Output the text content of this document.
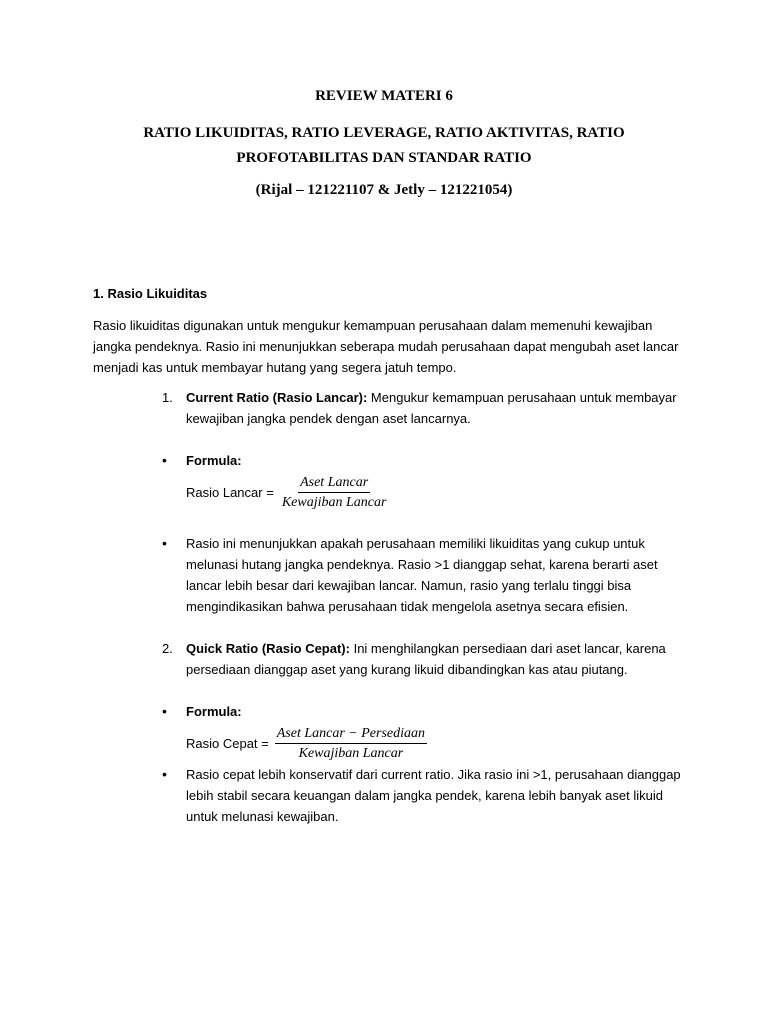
REVIEW MATERI 6
RATIO LIKUIDITAS, RATIO LEVERAGE, RATIO AKTIVITAS, RATIO
PROFOTABILITAS DAN STANDAR RATIO
(Rijal – 121221107 & Jetly – 121221054)
1. Rasio Likuiditas
Rasio likuiditas digunakan untuk mengukur kemampuan perusahaan dalam memenuhi kewajiban jangka pendeknya. Rasio ini menunjukkan seberapa mudah perusahaan dapat mengubah aset lancar menjadi kas untuk membayar hutang yang segera jatuh tempo.
1. Current Ratio (Rasio Lancar): Mengukur kemampuan perusahaan untuk membayar kewajiban jangka pendek dengan aset lancarnya.
• Formula:
Rasio Lancar = $\frac{\text{Aset Lancar}}{\text{Kewajiban Lancar}}$
• Rasio ini menunjukkan apakah perusahaan memiliki likuiditas yang cukup untuk melunasi hutang jangka pendeknya. Rasio >1 dianggap sehat, karena berarti aset lancar lebih besar dari kewajiban lancar. Namun, rasio yang terlalu tinggi bisa mengindikasikan bahwa perusahaan tidak mengelola asetnya secara efisien.
2. Quick Ratio (Rasio Cepat): Ini menghilangkan persediaan dari aset lancar, karena persediaan dianggap aset yang kurang likuid dibandingkan kas atau piutang.
• Formula:
Rasio Cepat = $\frac{\text{Aset Lancar − Persediaan}}{\text{Kewajiban Lancar}}$
• Rasio cepat lebih konservatif dari current ratio. Jika rasio ini >1, perusahaan dianggap lebih stabil secara keuangan dalam jangka pendek, karena lebih banyak aset likuid untuk melunasi kewajiban.
